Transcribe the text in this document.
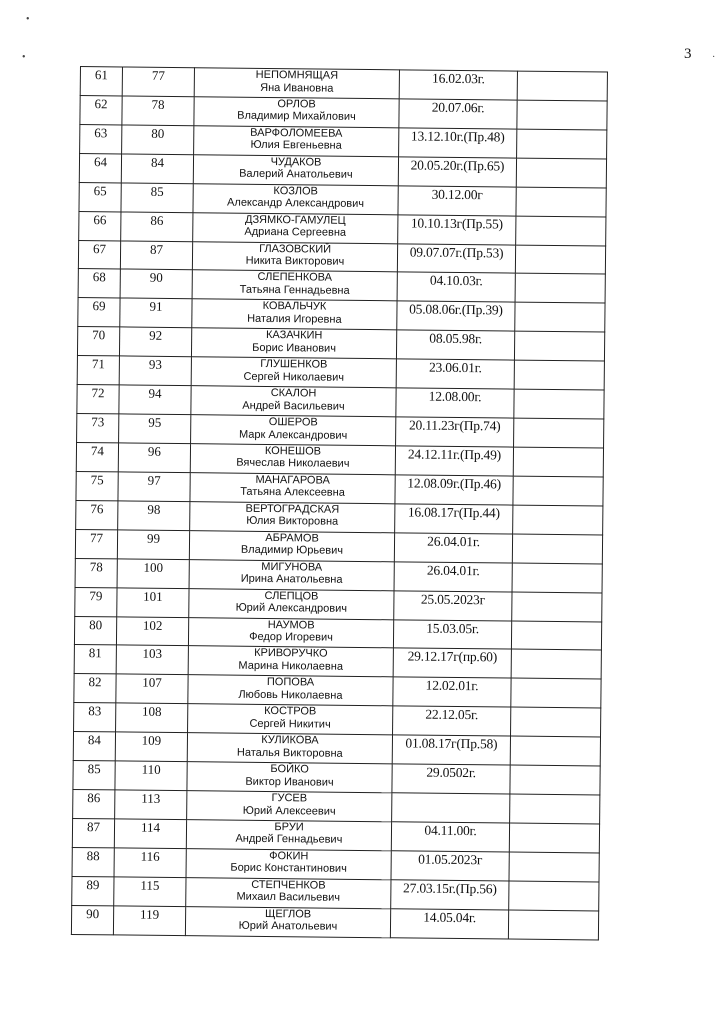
•
•	·
3
61	77	НЕПОМНЯЩАЯ
Яна Ивановна	16.02.03г.	
62	78	ОРЛОВ
Владимир Михайлович	20.07.06г.	
63	80	ВАРФОЛОМЕЕВА
Юлия Евгеньевна	13.12.10г.(Пр.48)	
64	84	ЧУДАКОВ
Валерий Анатольевич	20.05.20г.(Пр.65)	
65	85	КОЗЛОВ
Александр Александрович	30.12.00г	
66	86	ДЗЯМКО-ГАМУЛЕЦ
Адриана Сергеевна	10.10.13г(Пр.55)	
67	87	ГЛАЗОВСКИЙ
Никита Викторович	09.07.07г.(Пр.53)	
68	90	СЛЕПЕНКОВА
Татьяна Геннадьевна	04.10.03г.	
69	91	КОВАЛЬЧУК
Наталия Игоревна	05.08.06г.(Пр.39)	
70	92	КАЗАЧКИН
Борис Иванович	08.05.98г.	
71	93	ГЛУШЕНКОВ
Сергей Николаевич	23.06.01г.	
72	94	СКАЛОН
Андрей Васильевич	12.08.00г.	
73	95	ОШЕРОВ
Марк Александрович	20.11.23г(Пр.74)	
74	96	КОНЕШОВ
Вячеслав Николаевич	24.12.11г.(Пр.49)	
75	97	МАНАГАРОВА
Татьяна Алексеевна	12.08.09г.(Пр.46)	
76	98	ВЕРТОГРАДСКАЯ
Юлия Викторовна	16.08.17г(Пр.44)	
77	99	АБРАМОВ
Владимир Юрьевич	26.04.01г.	
78	100	МИГУНОВА
Ирина Анатольевна	26.04.01г.	
79	101	СЛЕПЦОВ
Юрий Александрович	25.05.2023г	
80	102	НАУМОВ
Федор Игоревич	15.03.05г.	
81	103	КРИВОРУЧКО
Марина Николаевна	29.12.17г(пр.60)	
82	107	ПОПОВА
Любовь Николаевна	12.02.01г.	
83	108	КОСТРОВ
Сергей Никитич	22.12.05г.	
84	109	КУЛИКОВА
Наталья Викторовна	01.08.17г(Пр.58)	
85	110	БОЙКО
Виктор Иванович	29.0502г.	
86	113	ГУСЕВ
Юрий Алексеевич		

87	114	БРУИ
Андрей Геннадьевич	04.11.00г.	
88	116	ФОКИН
Борис Константинович	01.05.2023г	
89	115	СТЕПЧЕНКОВ
Михаил Васильевич	27.03.15г.(Пр.56)	
90	119	ЩЕГЛОВ
Юрий Анатольевич	14.05.04г.	
